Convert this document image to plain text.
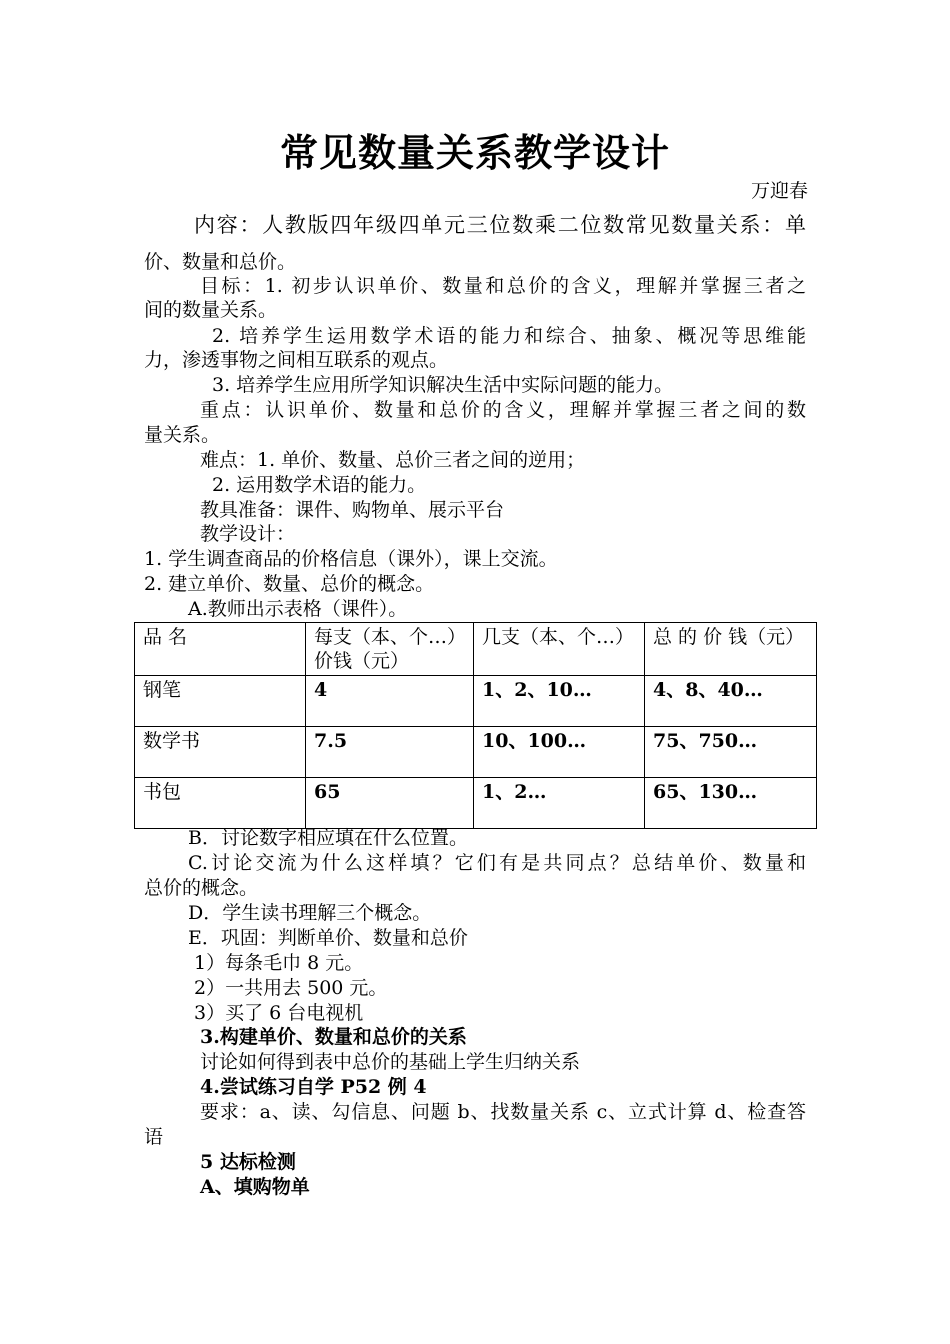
常见数量关系教学设计
万迎春
内容：人教版四年级四单元三位数乘二位数常见数量关系：单
价、数量和总价。
目标：1. 初步认识单价、数量和总价的含义，理解并掌握三者之
间的数量关系。
2. 培养学生运用数学术语的能力和综合、抽象、概况等思维能
力，渗透事物之间相互联系的观点。
3. 培养学生应用所学知识解决生活中实际问题的能力。
重点：认识单价、数量和总价的含义，理解并掌握三者之间的数
量关系。
难点：1. 单价、数量、总价三者之间的逆用；
2. 运用数学术语的能力。
教具准备：课件、购物单、展示平台
教学设计：
1. 学生调查商品的价格信息（课外），课上交流。
2. 建立单价、数量、总价的概念。
A.教师出示表格（课件）。
品 名	每支（本、个…）价钱（元）	几支（本、个…）	总 的 价 钱（元）
钢笔	4	1、2、10…	4、8、40…
数学书	7.5	10、100…	75、750…
书包	65	1、2…	65、130…
B．讨论数字相应填在什么位置。
C.讨论交流为什么这样填？它们有是共同点？总结单价、数量和
总价的概念。
D．学生读书理解三个概念。
E．巩固：判断单价、数量和总价
1）每条毛巾 8 元。
2）一共用去 500 元。
3）买了 6 台电视机
3.构建单价、数量和总价的关系
讨论如何得到表中总价的基础上学生归纳关系
4.尝试练习自学 P52 例 4
要求：a、读、勾信息、问题 b、找数量关系 c、立式计算 d、检查答
语
5 达标检测
A、填购物单
